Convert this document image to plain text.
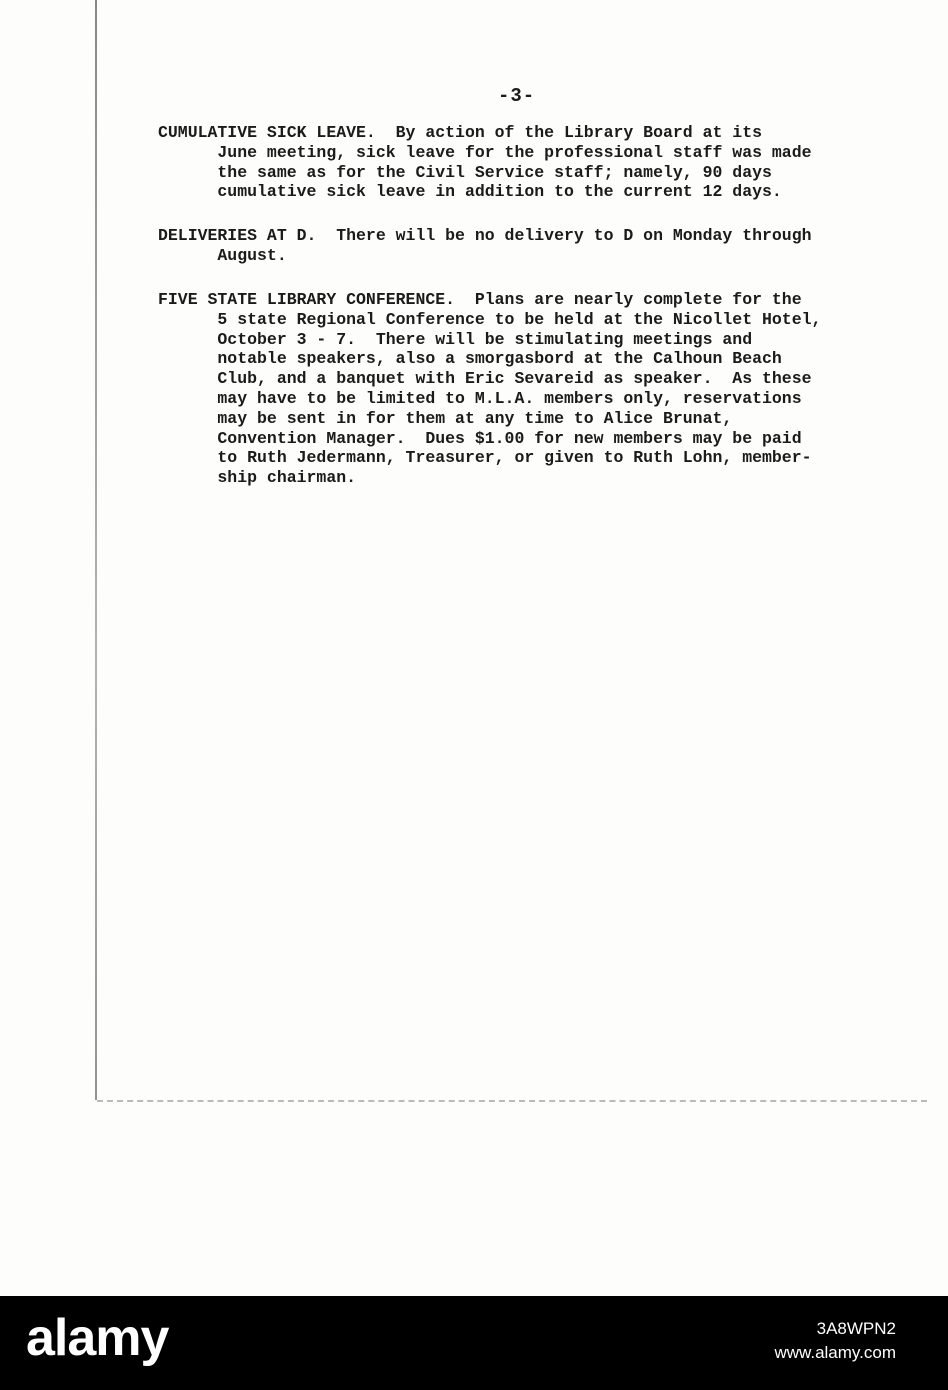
-3-
CUMULATIVE SICK LEAVE.  By action of the Library Board at its
June meeting, sick leave for the professional staff was made
the same as for the Civil Service staff; namely, 90 days
cumulative sick leave in addition to the current 12 days.
DELIVERIES AT D.  There will be no delivery to D on Monday through
August.
FIVE STATE LIBRARY CONFERENCE.  Plans are nearly complete for the
5 state Regional Conference to be held at the Nicollet Hotel,
October 3 - 7.  There will be stimulating meetings and
notable speakers, also a smorgasbord at the Calhoun Beach
Club, and a banquet with Eric Sevareid as speaker.  As these
may have to be limited to M.L.A. members only, reservations
may be sent in for them at any time to Alice Brunat,
Convention Manager.  Dues $1.00 for new members may be paid
to Ruth Jedermann, Treasurer, or given to Ruth Lohn, member-
ship chairman.
alamy	3A8WPN2
www.alamy.com
